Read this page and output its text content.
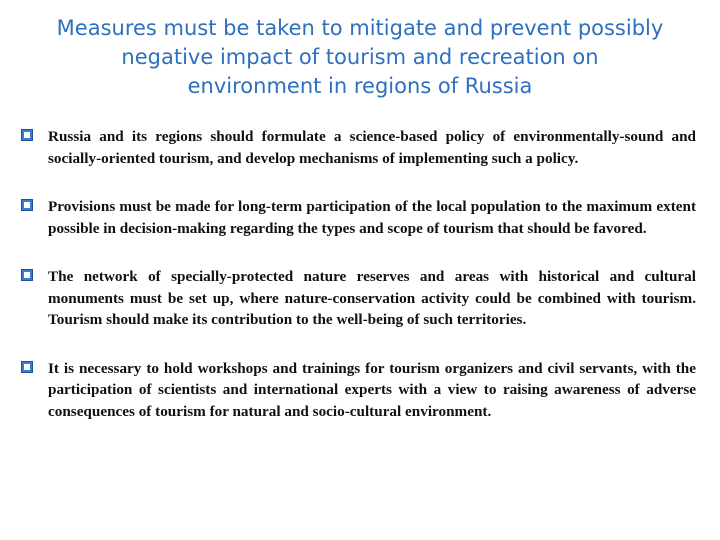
Measures must be taken to mitigate and prevent possibly
negative impact of tourism and recreation on
environment in regions of Russia
Russia and its regions should formulate a science-based policy of environmentally-sound and socially-oriented tourism, and develop mechanisms of implementing such a policy.
Provisions must be made for long-term participation of the local population to the maximum extent possible in decision-making regarding the types and scope of tourism that should be favored.
The network of specially-protected nature reserves and areas with historical and cultural monuments must be set up, where nature-conservation activity could be combined with tourism. Tourism should make its contribution to the well-being of such territories.
It is necessary to hold workshops and trainings for tourism organizers and civil servants, with the participation of scientists and international experts with a view to raising awareness of adverse consequences of tourism for natural and socio-cultural environment.
